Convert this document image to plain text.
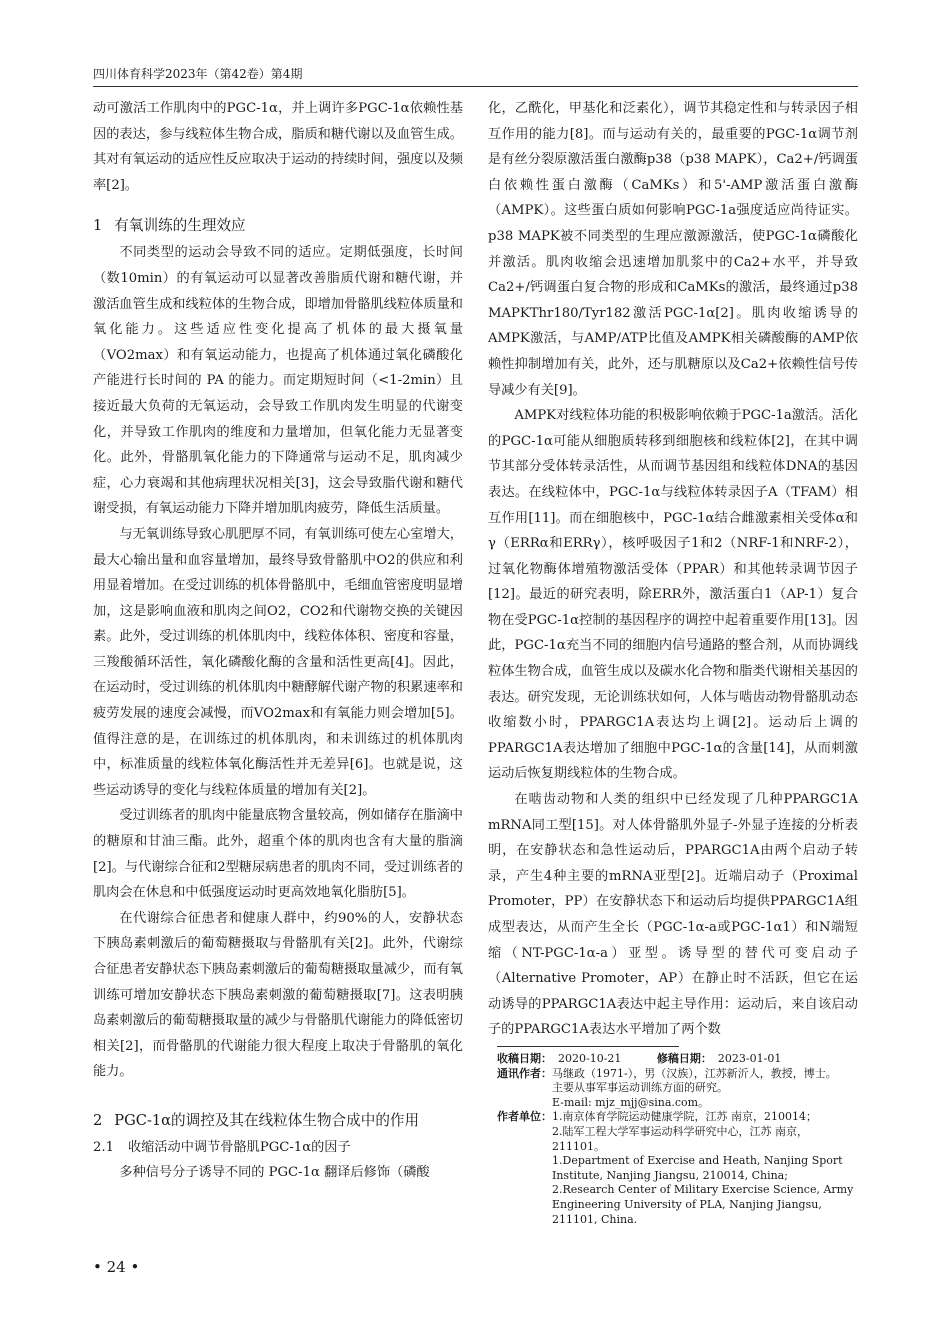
四川体育科学2023年（第42卷）第4期

动可激活工作肌肉中的PGC-1α，并上调许多PGC-1α依赖性基因的表达，参与线粒体生物合成，脂质和糖代谢以及血管生成。其对有氧运动的适应性反应取决于运动的持续时间，强度以及频率[2]。

1 有氧训练的生理效应

不同类型的运动会导致不同的适应。定期低强度，长时间（数10min）的有氧运动可以显著改善脂质代谢和糖代谢，并激活血管生成和线粒体的生物合成，即增加骨骼肌线粒体质量和氧化能力。这些适应性变化提高了机体的最大摄氧量（VO2max）和有氧运动能力，也提高了机体通过氧化磷酸化产能进行长时间的 PA 的能力。而定期短时间（<1-2min）且接近最大负荷的无氧运动，会导致工作肌肉发生明显的代谢变化，并导致工作肌肉的维度和力量增加，但氧化能力无显著变化。此外，骨骼肌氧化能力的下降通常与运动不足，肌肉减少症，心力衰竭和其他病理状况相关[3]，这会导致脂代谢和糖代谢受损，有氧运动能力下降并增加肌肉疲劳，降低生活质量。

与无氧训练导致心肌肥厚不同，有氧训练可使左心室增大，最大心输出量和血容量增加，最终导致骨骼肌中O2的供应和利用显着增加。在受过训练的机体骨骼肌中，毛细血管密度明显增加，这是影响血液和肌肉之间O2，CO2和代谢物交换的关键因素。此外，受过训练的机体肌肉中，线粒体体积、密度和容量，三羧酸循环活性，氧化磷酸化酶的含量和活性更高[4]。因此，在运动时，受过训练的机体肌肉中糖酵解代谢产物的积累速率和疲劳发展的速度会减慢，而VO2max和有氧能力则会增加[5]。值得注意的是，在训练过的机体肌肉，和未训练过的机体肌肉中，标准质量的线粒体氧化酶活性并无差异[6]。也就是说，这些运动诱导的变化与线粒体质量的增加有关[2]。

受过训练者的肌肉中能量底物含量较高，例如储存在脂滴中的糖原和甘油三酯。此外，超重个体的肌肉也含有大量的脂滴[2]。与代谢综合征和2型糖尿病患者的肌肉不同，受过训练者的肌肉会在休息和中低强度运动时更高效地氧化脂肪[5]。

在代谢综合征患者和健康人群中，约90%的人，安静状态下胰岛素刺激后的葡萄糖摄取与骨骼肌有关[2]。此外，代谢综合征患者安静状态下胰岛素刺激后的葡萄糖摄取量减少，而有氧训练可增加安静状态下胰岛素刺激的葡萄糖摄取[7]。这表明胰岛素刺激后的葡萄糖摄取量的减少与骨骼肌代谢能力的降低密切相关[2]，而骨骼肌的代谢能力很大程度上取决于骨骼肌的氧化能力。

2 PGC-1α的调控及其在线粒体生物合成中的作用
2.1 收缩活动中调节骨骼肌PGC-1α的因子

多种信号分子诱导不同的 PGC-1α 翻译后修饰（磷酸

化，乙酰化，甲基化和泛素化），调节其稳定性和与转录因子相互作用的能力[8]。而与运动有关的，最重要的PGC-1α调节剂是有丝分裂原激活蛋白激酶p38（p38 MAPK），Ca2+/钙调蛋白依赖性蛋白激酶（CaMKs）和5'-AMP激活蛋白激酶（AMPK）。这些蛋白质如何影响PGC-1a强度适应尚待证实。p38 MAPK被不同类型的生理应激源激活，使PGC-1α磷酸化并激活。肌肉收缩会迅速增加肌浆中的Ca2+水平，并导致Ca2+/钙调蛋白复合物的形成和CaMKs的激活，最终通过p38 MAPKThr180/Tyr182激活PGC-1α[2]。肌肉收缩诱导的AMPK激活，与AMP/ATP比值及AMPK相关磷酸酶的AMP依赖性抑制增加有关，此外，还与肌糖原以及Ca2+依赖性信号传导减少有关[9]。

AMPK对线粒体功能的积极影响依赖于PGC-1a激活。活化的PGC-1α可能从细胞质转移到细胞核和线粒体[2]，在其中调节其部分受体转录活性，从而调节基因组和线粒体DNA的基因表达。在线粒体中，PGC-1α与线粒体转录因子A（TFAM）相互作用[11]。而在细胞核中，PGC-1α结合雌激素相关受体α和γ（ERRα和ERRγ），核呼吸因子1和2（NRF-1和NRF-2），过氧化物酶体增殖物激活受体（PPAR）和其他转录调节因子[12]。最近的研究表明，除ERR外，激活蛋白1（AP-1）复合物在受PGC-1α控制的基因程序的调控中起着重要作用[13]。因此，PGC-1α充当不同的细胞内信号通路的整合剂，从而协调线粒体生物合成，血管生成以及碳水化合物和脂类代谢相关基因的表达。研究发现，无论训练状如何，人体与啮齿动物骨骼肌动态收缩数小时，PPARGC1A表达均上调[2]。运动后上调的PPARGC1A表达增加了细胞中PGC-1α的含量[14]，从而刺激运动后恢复期线粒体的生物合成。

在啮齿动物和人类的组织中已经发现了几种PPARGC1A mRNA同工型[15]。对人体骨骼肌外显子-外显子连接的分析表明，在安静状态和急性运动后，PPARGC1A由两个启动子转录，产生4种主要的mRNA亚型[2]。近端启动子（Proximal Promoter，PP）在安静状态下和运动后均提供PPARGC1A组成型表达，从而产生全长（PGC-1α-a或PGC-1α1）和N端短缩（NT-PGC-1α-a）亚型。诱导型的替代可变启动子（Alternative Promoter，AP）在静止时不活跃，但它在运动诱导的PPARGC1A表达中起主导作用：运动后，来自该启动子的PPARGC1A表达水平增加了两个数

收稿日期： 2020-10-21	修稿日期： 2023-01-01
通讯作者： 马继政（1971-），男（汉族），江苏新沂人，教授，博士。
主要从事军事运动训练方面的研究。
E-mail: mjz_mjj@sina.com。
作者单位： 1.南京体育学院运动健康学院，江苏 南京，210014；
2.陆军工程大学军事运动科学研究中心，江苏 南京，211101。
1.Department of Exercise and Heath, Nanjing Sport Institute, Nanjing Jiangsu, 210014, China;
2.Research Center of Military Exercise Science, Army Engineering University of PLA, Nanjing Jiangsu, 211101, China.
• 24 •
